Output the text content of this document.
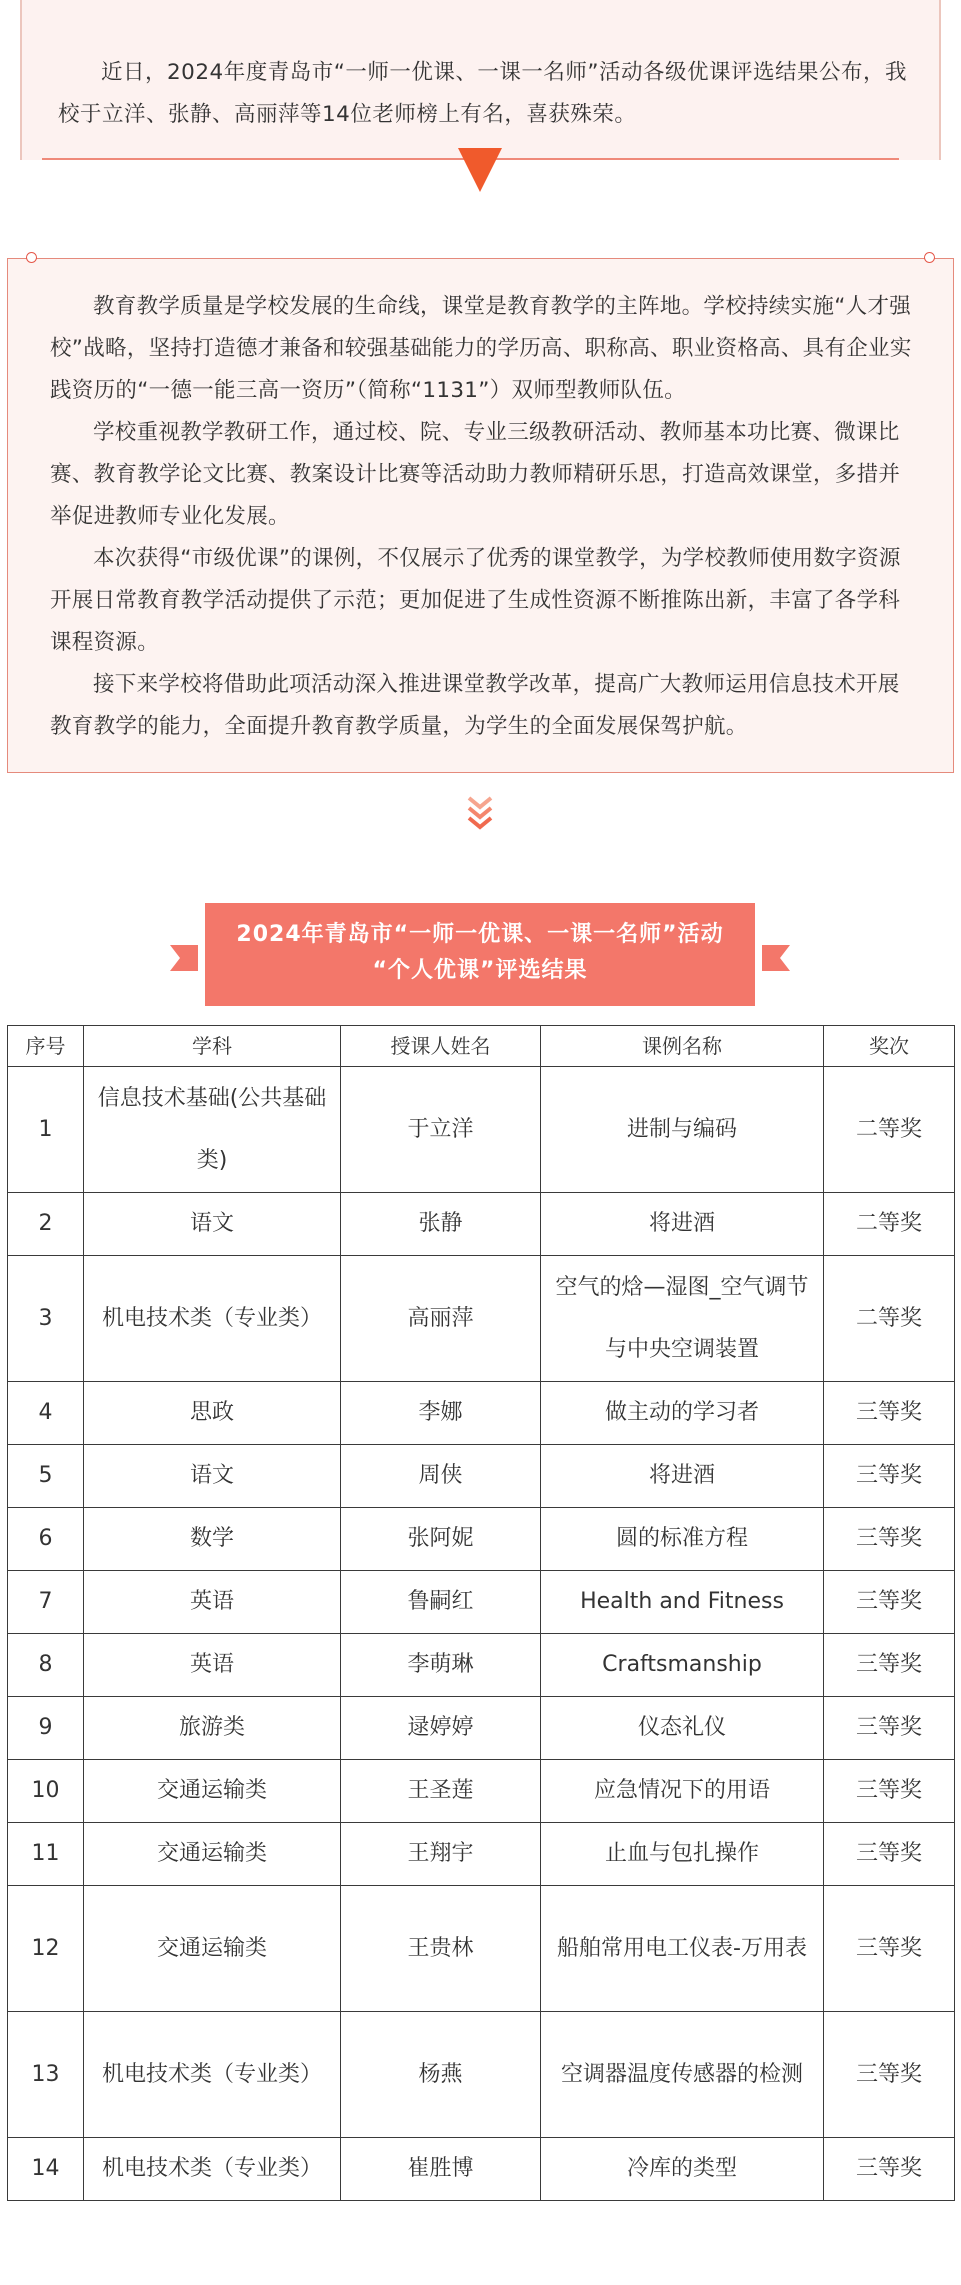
近日，2024年度青岛市“一师一优课、一课一名师”活动各级优课评选结果公布，我校于立洋、张静、高丽萍等14位老师榜上有名，喜获殊荣。

教育教学质量是学校发展的生命线，课堂是教育教学的主阵地。学校持续实施“人才强校”战略，坚持打造德才兼备和较强基础能力的学历高、职称高、职业资格高、具有企业实践资历的“一德一能三高一资历”（简称“1131”）双师型教师队伍。

学校重视教学教研工作，通过校、院、专业三级教研活动、教师基本功比赛、微课比赛、教育教学论文比赛、教案设计比赛等活动助力教师精研乐思，打造高效课堂，多措并举促进教师专业化发展。

本次获得“市级优课”的课例，不仅展示了优秀的课堂教学，为学校教师使用数字资源开展日常教育教学活动提供了示范；更加促进了生成性资源不断推陈出新，丰富了各学科课程资源。

接下来学校将借助此项活动深入推进课堂教学改革，提高广大教师运用信息技术开展教育教学的能力，全面提升教育教学质量，为学生的全面发展保驾护航。

2024年青岛市“一师一优课、一课一名师”活动
“个人优课”评选结果
序号	学科	授课人姓名	课例名称	奖次
1	信息技术基础(公共基础类)	于立洋	进制与编码	二等奖
2	语文	张静	将进酒	二等奖
3	机电技术类（专业类）	高丽萍	空气的焓—湿图_空气调节与中央空调装置	二等奖
4	思政	李娜	做主动的学习者	三等奖
5	语文	周侠	将进酒	三等奖
6	数学	张阿妮	圆的标准方程	三等奖
7	英语	鲁嗣红	Health and Fitness	三等奖
8	英语	李萌琳	Craftsmanship	三等奖
9	旅游类	逯婷婷	仪态礼仪	三等奖
10	交通运输类	王圣莲	应急情况下的用语	三等奖
11	交通运输类	王翔宇	止血与包扎操作	三等奖
12	交通运输类	王贵林	船舶常用电工仪表-万用表	三等奖
13	机电技术类（专业类）	杨燕	空调器温度传感器的检测	三等奖
14	机电技术类（专业类）	崔胜博	冷库的类型	三等奖
